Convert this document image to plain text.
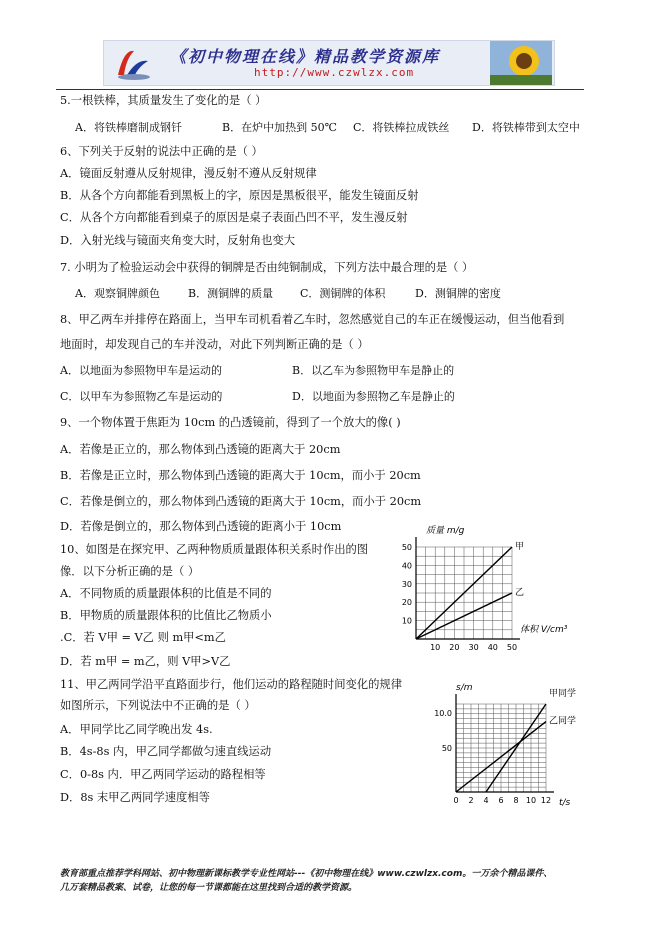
《初中物理在线》精品教学资源库
http://www.czwlzx.com
5.一根铁棒，其质量发生了变化的是（ ）
A．将铁棒磨制成钢钎	B．在炉中加热到 50℃ C．将铁棒拉成铁丝 D．将铁棒带到太空中
6、下列关于反射的说法中正确的是（ ）
A．镜面反射遵从反射规律，漫反射不遵从反射规律
B．从各个方向都能看到黑板上的字，原因是黑板很平，能发生镜面反射
C．从各个方向都能看到桌子的原因是桌子表面凸凹不平，发生漫反射
D．入射光线与镜面夹角变大时，反射角也变大
7. 小明为了检验运动会中获得的铜牌是否由纯铜制成，下列方法中最合理的是（ ）
A．观察铜牌颜色	B．测铜牌的质量 C．测铜牌的体积	D．测铜牌的密度
8、甲乙两车并排停在路面上，当甲车司机看着乙车时，忽然感觉自己的车正在缓慢运动，但当他看到
地面时，却发现自己的车并没动，对此下列判断正确的是（ ）
A．以地面为参照物甲车是运动的	B．以乙车为参照物甲车是静止的
C．以甲车为参照物乙车是运动的	D．以地面为参照物乙车是静止的
9、一个物体置于焦距为 10cm 的凸透镜前，得到了一个放大的像( )
A．若像是正立的，那么物体到凸透镜的距离大于 20cm
B．若像是正立时，那么物体到凸透镜的距离大于 10cm，而小于 20cm
C．若像是倒立的，那么物体到凸透镜的距离大于 10cm，而小于 20cm
D．若像是倒立的，那么物体到凸透镜的距离小于 10cm
10、如图是在探究甲、乙两种物质质量跟体积关系时作出的图
像．以下分析正确的是（ ）
A．不同物质的质量跟体积的比值是不同的
B．甲物质的质量跟体积的比值比乙物质小
.C．若 V甲 = V乙 则 m甲<m乙
D．若 m甲 = m乙，则 V甲>V乙
11、甲乙两同学沿平直路面步行，他们运动的路程随时间变化的规律
如图所示，下列说法中不正确的是（ ）
A．甲同学比乙同学晚出发 4s.
B．4s-8s 内，甲乙同学都做匀速直线运动
C．0-8s 内．甲乙两同学运动的路程相等
D．8s 末甲乙两同学速度相等
10 20 30 40 50
10
20
30
40
50
质量 m/g
体积 V/cm³
甲
乙
0 2 4 6 8 10 12
50
10.0
s/m
t/s
甲同学
乙同学
教育部重点推荐学科网站、初中物理新课标教学专业性网站---《初中物理在线》www.czwlzx.com。一万余个精品课件、
几万套精品教案、试卷，让您的每一节课都能在这里找到合适的教学资源。
